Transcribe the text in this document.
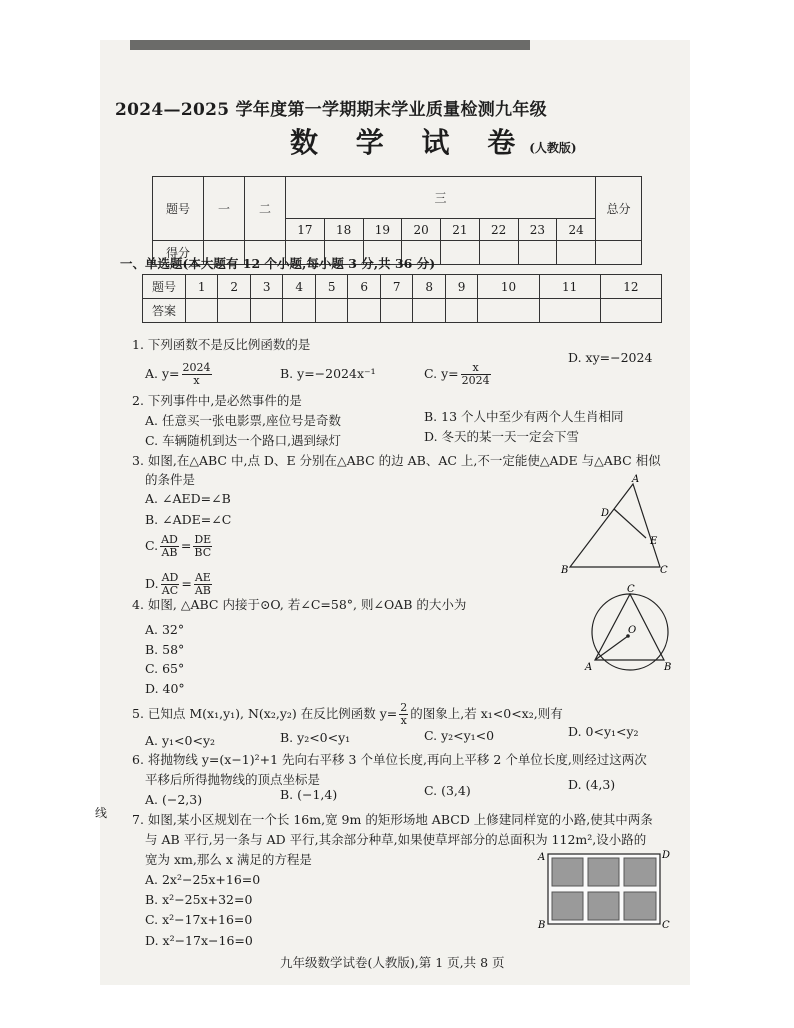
2024—2025 学年度第一学期期末学业质量检测九年级
数 学 试 卷(人教版)
题号	一	二	三								总分
			17	18	19	20	21	22	23	24	
得分											
一、单选题(本大题有 12 个小题,每小题 3 分,共 36 分)
题号	1	2	3	4	5	6	7	8	9	10	11	12
答案												
1. 下列函数不是反比例函数的是
A. $y= \frac{2024}{x}$	B. y=−2024x⁻¹	C. $y= \frac{x}{2024}$
D. xy=−2024
2. 下列事件中,是必然事件的是
A. 任意买一张电影票,座位号是奇数	B. 13 个人中至少有两个人生肖相同
C. 车辆随机到达一个路口,遇到绿灯	D. 冬天的某一天一定会下雪
3. 如图,在△ABC 中,点 D、E 分别在△ABC 的边 AB、AC 上,不一定能使△ADE 与△ABC 相似
的条件是
A. ∠AED=∠B
B. ∠ADE=∠C
C. $\frac{AD}{AB} = \frac{DE}{BC}$
D. $\frac{AD}{AC} = \frac{AE}{AB}$
A
B	C
D
E
4. 如图, △ABC 内接于⊙O, 若∠C=58°, 则∠OAB 的大小为
A. 32°
B. 58°
C. 65°
D. 40°
C
O
A	B
5. 已知点 M(x₁,y₁), N(x₂,y₂) 在反比例函数 $y= \frac{2}{x}$ 的图象上,若 x₁<0<x₂,则有
A. y₁<0<y₂	B. y₂<0<y₁	C. y₂<y₁<0	D. 0<y₁<y₂
6. 将抛物线 y=(x−1)²+1 先向右平移 3 个单位长度,再向上平移 2 个单位长度,则经过这两次
平移后所得抛物线的顶点坐标是
A. (−2,3)	B. (−1,4)	C. (3,4)	D. (4,3)
7. 如图,某小区规划在一个长 16m,宽 9m 的矩形场地 ABCD 上修建同样宽的小路,使其中两条
与 AB 平行,另一条与 AD 平行,其余部分种草,如果使草坪部分的总面积为 112m²,设小路的
宽为 xm,那么 x 满足的方程是
A. 2x²−25x+16=0
B. x²−25x+32=0
C. x²−17x+16=0
D. x²−17x−16=0
A	D
B	C
九年级数学试卷(人教版),第 1 页,共 8 页
线
